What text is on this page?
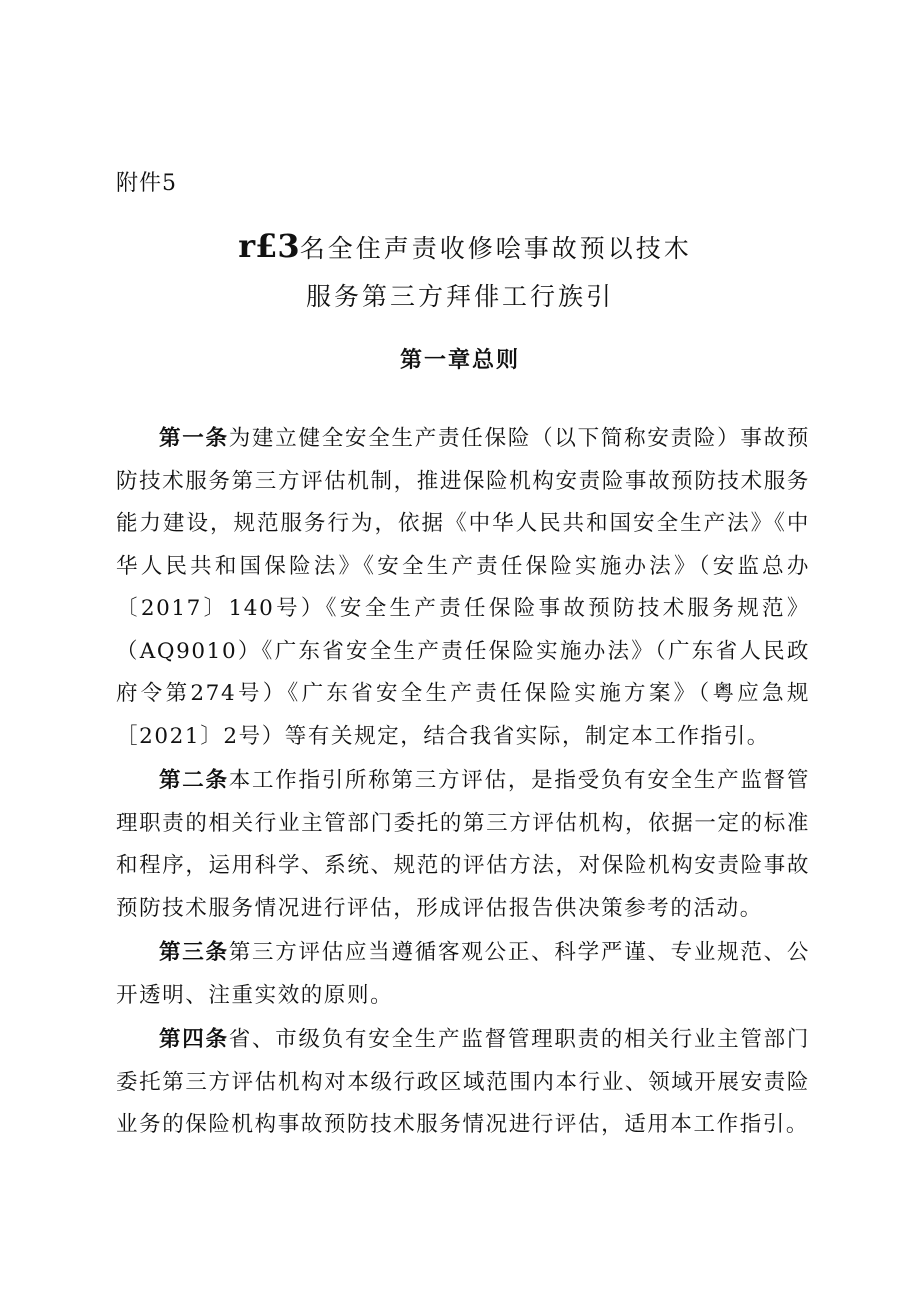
附件5
r£3名全住声责收修哙事故预以技木
服务第三方拜俳工行族引
第一章总则

第一条为建立健全安全生产责任保险（以下简称安责险）事故预防技术服务第三方评估机制，推进保险机构安责险事故预防技术服务能力建设，规范服务行为，依据《中华人民共和国安全生产法》《中华人民共和国保险法》《安全生产责任保险实施办法》（安监总办〔2017〕140号）《安全生产责任保险事故预防技术服务规范》（AQ9010）《广东省安全生产责任保险实施办法》（广东省人民政府令第274号）《广东省安全生产责任保险实施方案》（粤应急规［2021〕2号）等有关规定，结合我省实际，制定本工作指引。

第二条本工作指引所称第三方评估，是指受负有安全生产监督管理职责的相关行业主管部门委托的第三方评估机构，依据一定的标准和程序，运用科学、系统、规范的评估方法，对保险机构安责险事故预防技术服务情况进行评估，形成评估报告供决策参考的活动。

第三条第三方评估应当遵循客观公正、科学严谨、专业规范、公开透明、注重实效的原则。

第四条省、市级负有安全生产监督管理职责的相关行业主管部门委托第三方评估机构对本级行政区域范围内本行业、领域开展安责险业务的保险机构事故预防技术服务情况进行评估，适用本工作指引。
